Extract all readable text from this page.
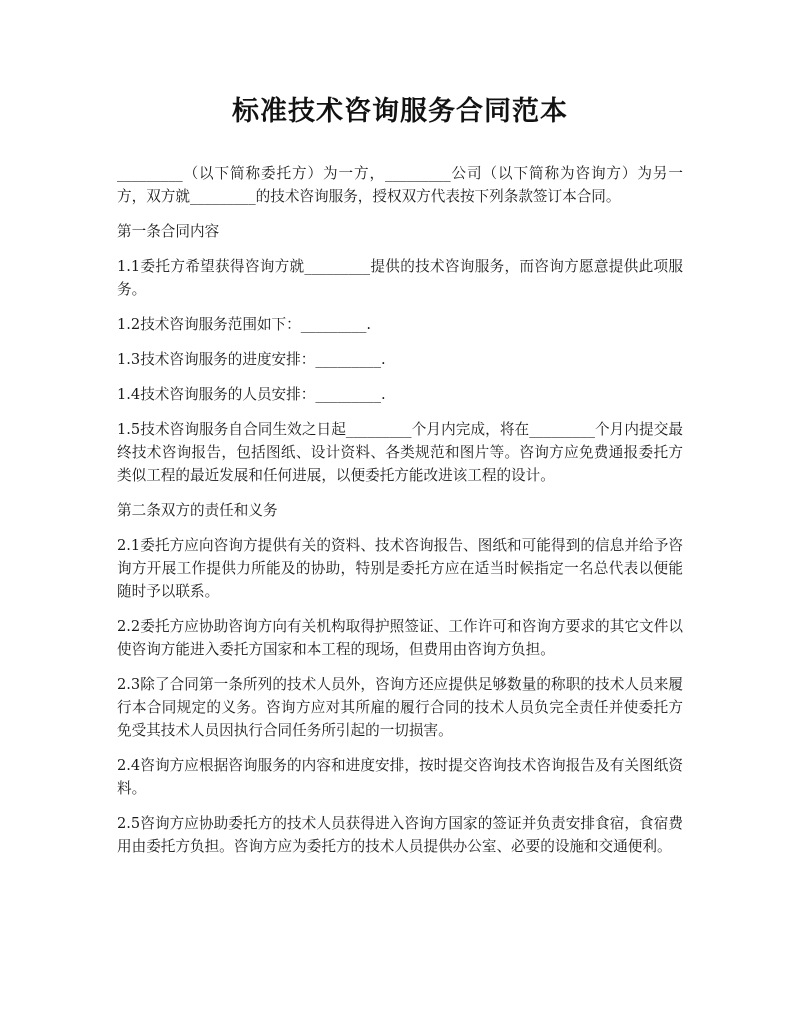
标准技术咨询服务合同范本

_________（以下简称委托方）为一方，_________公司（以下简称为咨询方）为另一方，双方就_________的技术咨询服务，授权双方代表按下列条款签订本合同。

第一条合同内容

1.1委托方希望获得咨询方就_________提供的技术咨询服务，而咨询方愿意提供此项服务。

1.2技术咨询服务范围如下：_________.

1.3技术咨询服务的进度安排：_________.

1.4技术咨询服务的人员安排：_________.

1.5技术咨询服务自合同生效之日起_________个月内完成，将在_________个月内提交最终技术咨询报告，包括图纸、设计资料、各类规范和图片等。咨询方应免费通报委托方类似工程的最近发展和任何进展，以便委托方能改进该工程的设计。

第二条双方的责任和义务

2.1委托方应向咨询方提供有关的资料、技术咨询报告、图纸和可能得到的信息并给予咨询方开展工作提供力所能及的协助，特别是委托方应在适当时候指定一名总代表以便能随时予以联系。

2.2委托方应协助咨询方向有关机构取得护照签证、工作许可和咨询方要求的其它文件以使咨询方能进入委托方国家和本工程的现场，但费用由咨询方负担。

2.3除了合同第一条所列的技术人员外，咨询方还应提供足够数量的称职的技术人员来履行本合同规定的义务。咨询方应对其所雇的履行合同的技术人员负完全责任并使委托方免受其技术人员因执行合同任务所引起的一切损害。

2.4咨询方应根据咨询服务的内容和进度安排，按时提交咨询技术咨询报告及有关图纸资料。

2.5咨询方应协助委托方的技术人员获得进入咨询方国家的签证并负责安排食宿，食宿费用由委托方负担。咨询方应为委托方的技术人员提供办公室、必要的设施和交通便利。
